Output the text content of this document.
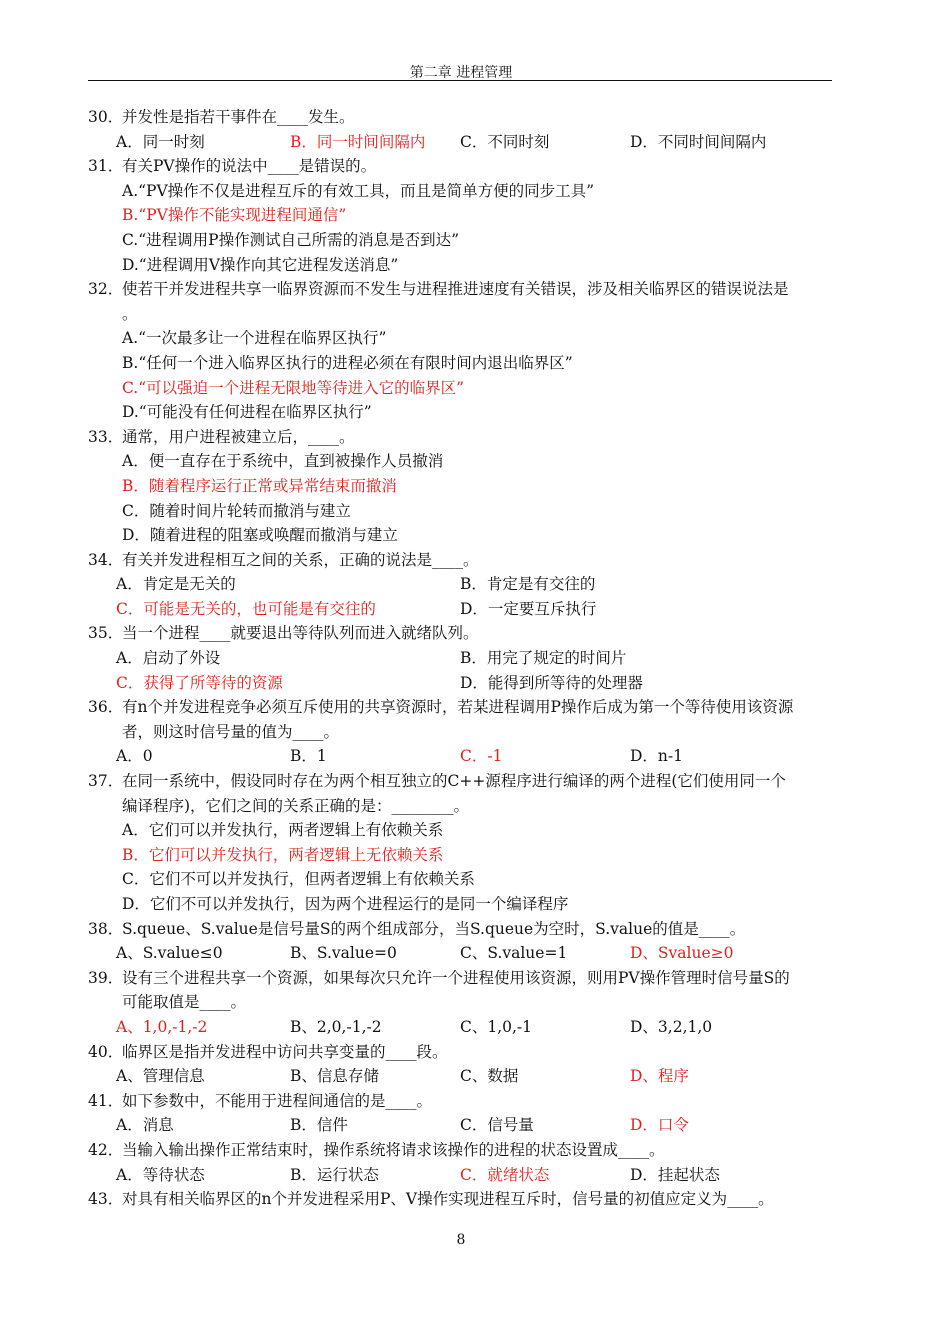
第二章 进程管理
30．并发性是指若干事件在____发生。
A．同一时刻	B．同一时间间隔内 C．不同时刻	D．不同时间间隔内
31．有关PV操作的说法中____是错误的。
A.“PV操作不仅是进程互斥的有效工具，而且是简单方便的同步工具”
B.“PV操作不能实现进程间通信”
C.“进程调用P操作测试自己所需的消息是否到达”
D.“进程调用V操作向其它进程发送消息”
32．使若干并发进程共享一临界资源而不发生与进程推进速度有关错误，涉及相关临界区的错误说法是
。
A.“一次最多让一个进程在临界区执行”
B.“任何一个进入临界区执行的进程必须在有限时间内退出临界区”
C.“可以强迫一个进程无限地等待进入它的临界区”
D.“可能没有任何进程在临界区执行”
33．通常，用户进程被建立后，____。
A．便一直存在于系统中，直到被操作人员撤消
B．随着程序运行正常或异常结束而撤消
C．随着时间片轮转而撤消与建立
D．随着进程的阻塞或唤醒而撤消与建立
34．有关并发进程相互之间的关系，正确的说法是____。
A．肯定是无关的	B．肯定是有交往的
C．可能是无关的，也可能是有交往的	D．一定要互斥执行
35．当一个进程____就要退出等待队列而进入就绪队列。
A．启动了外设	B．用完了规定的时间片
C．获得了所等待的资源	D．能得到所等待的处理器
36．有n个并发进程竞争必须互斥使用的共享资源时，若某进程调用P操作后成为第一个等待使用该资源
者，则这时信号量的值为____。
A．0	B．1	C．-1	D．n-1
37．在同一系统中，假设同时存在为两个相互独立的C++源程序进行编译的两个进程(它们使用同一个
编译程序)，它们之间的关系正确的是：________。
A．它们可以并发执行，两者逻辑上有依赖关系
B．它们可以并发执行，两者逻辑上无依赖关系
C．它们不可以并发执行，但两者逻辑上有依赖关系
D．它们不可以并发执行，因为两个进程运行的是同一个编译程序
38．S.queue、S.value是信号量S的两个组成部分，当S.queue为空时，S.value的值是____。
A、S.value≤0	B、S.value=0	C、S.value=1	D、Svalue≥0
39．设有三个进程共享一个资源，如果每次只允许一个进程使用该资源，则用PV操作管理时信号量S的
可能取值是____。
A、1,0,-1,-2	B、2,0,-1,-2	C、1,0,-1	D、3,2,1,0
40．临界区是指并发进程中访问共享变量的____段。
A、管理信息	B、信息存储	C、数据	D、程序
41．如下参数中，不能用于进程间通信的是____。
A．消息	B．信件	C．信号量	D．口令
42．当输入输出操作正常结束时，操作系统将请求该操作的进程的状态设置成____。
A．等待状态	B．运行状态	C．就绪状态	D．挂起状态
43．对具有相关临界区的n个并发进程采用P、V操作实现进程互斥时，信号量的初值应定义为____。
8
